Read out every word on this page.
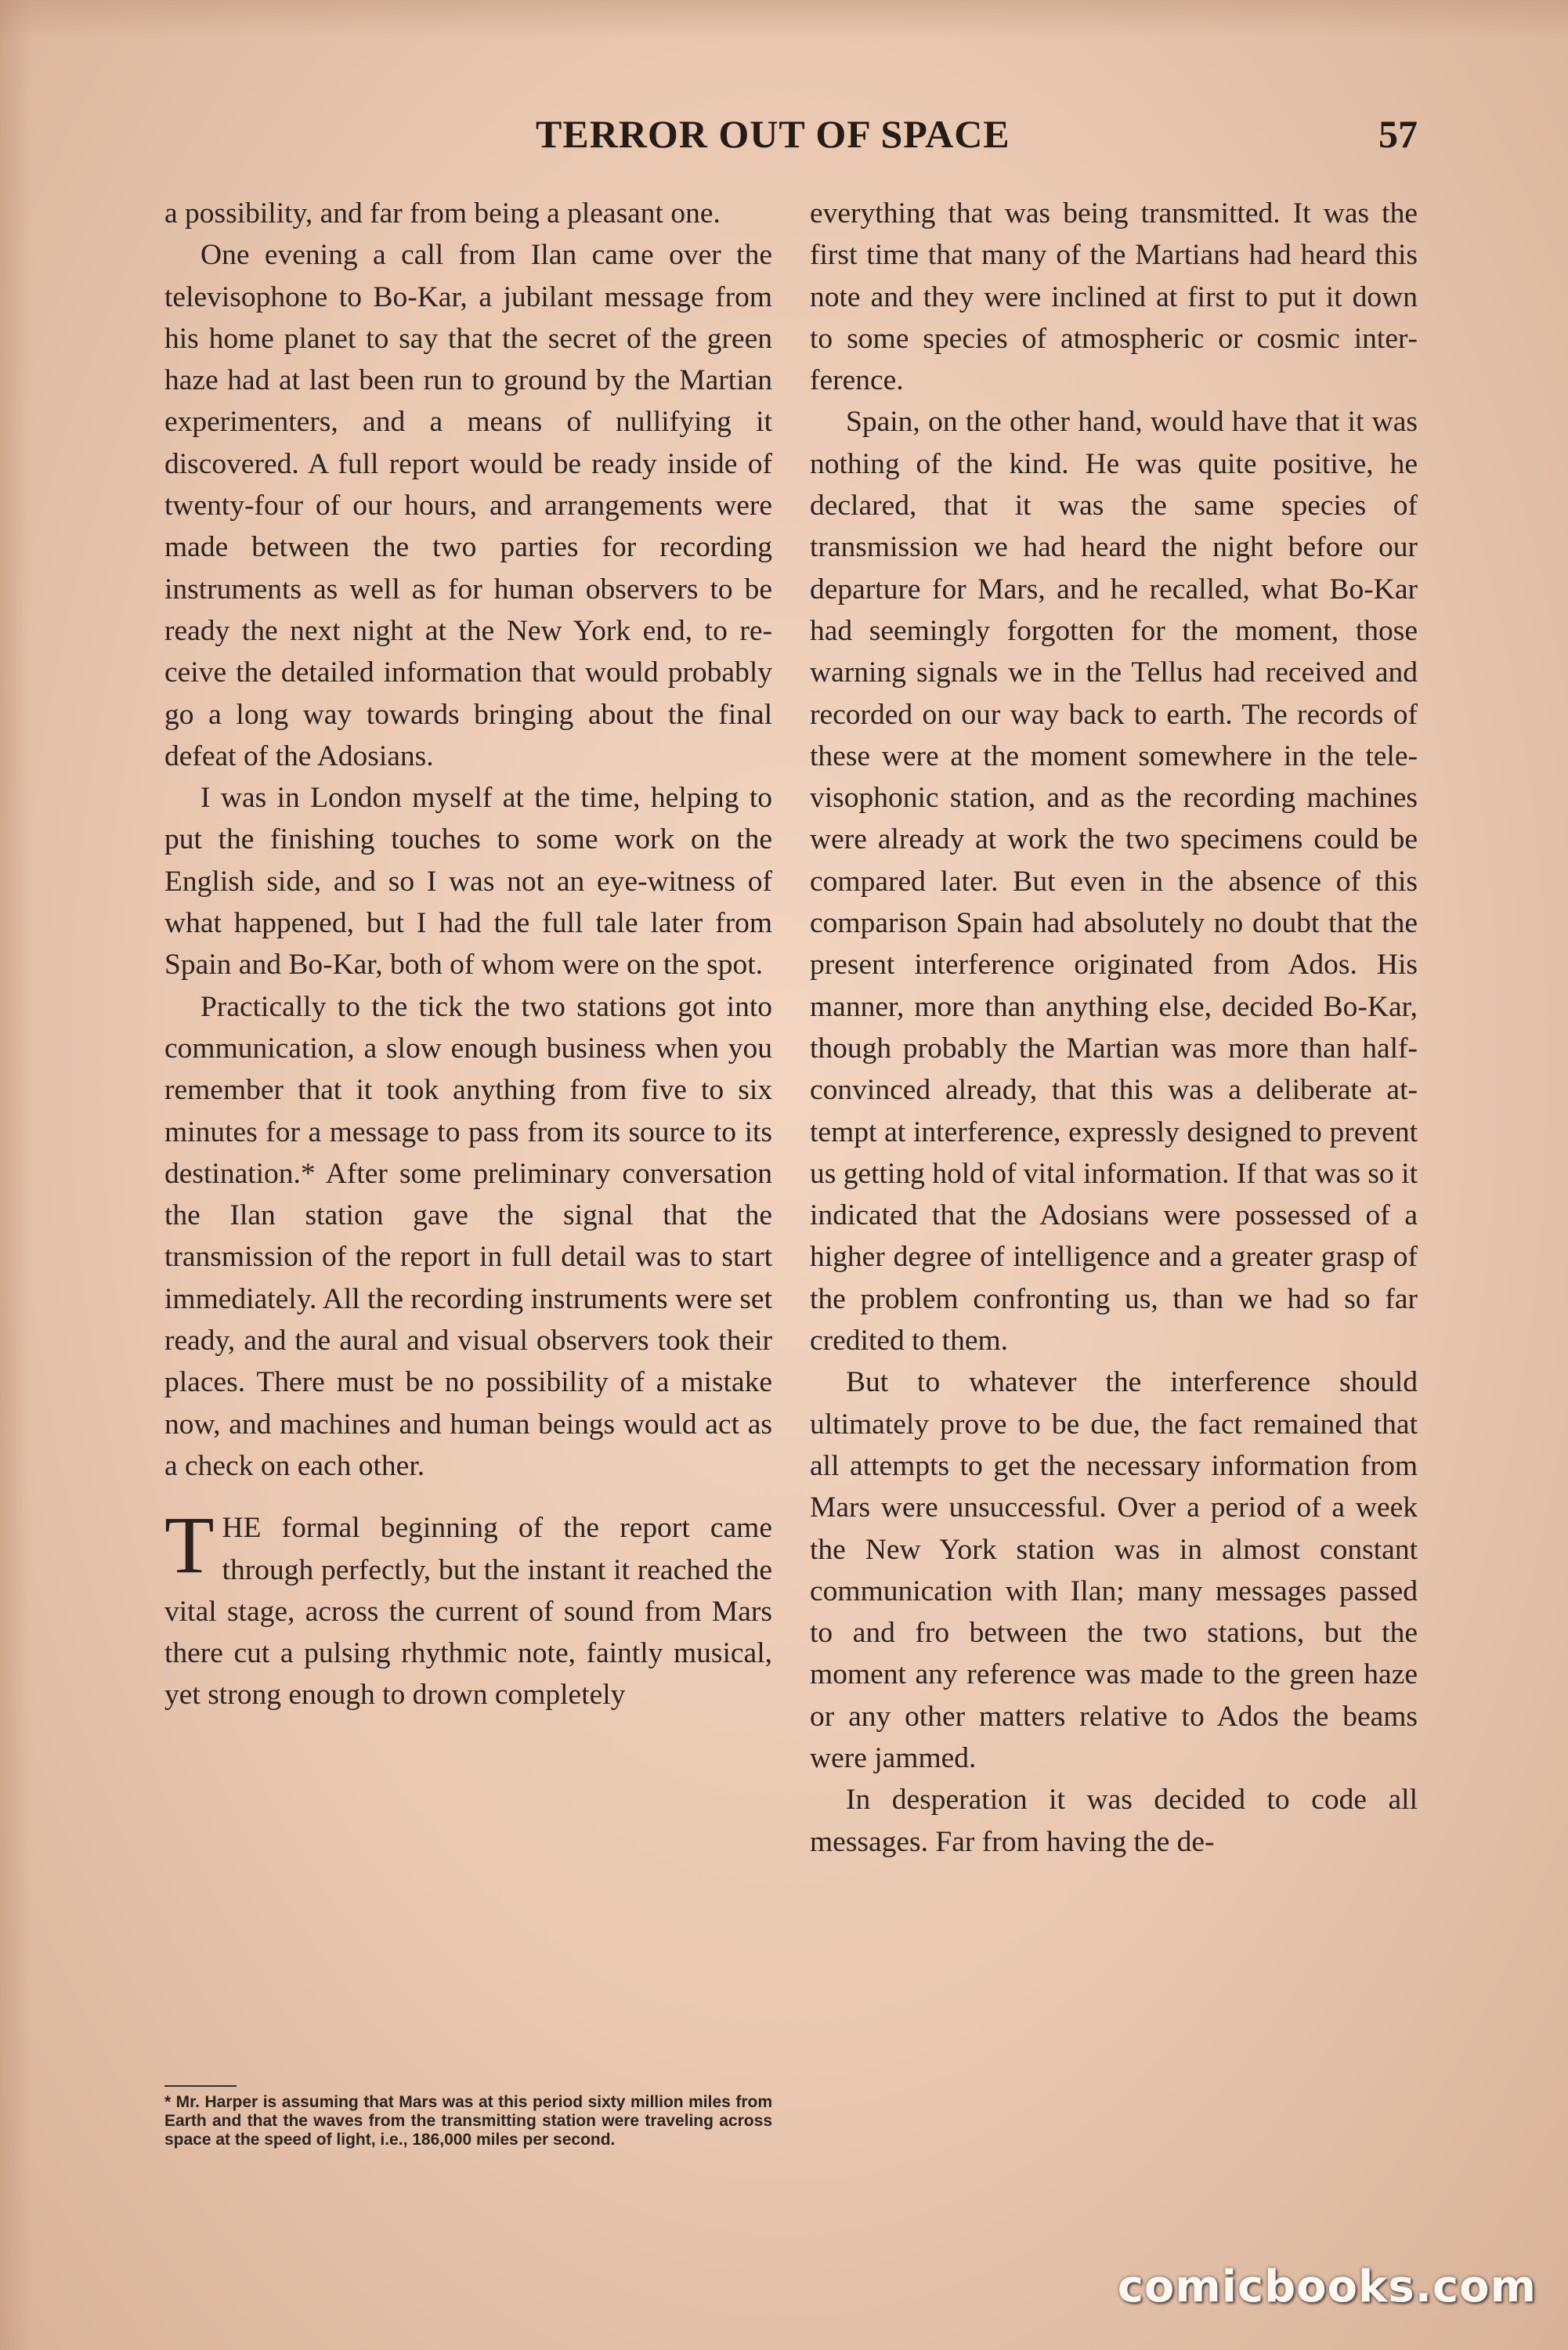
TERROR OUT OF SPACE	57

a possibility, and far from being a pleasant one.

One evening a call from Ilan came over the televisophone to Bo-Kar, a jubilant message from his home planet to say that the secret of the green haze had at last been run to ground by the Martian experimenters, and a means of nullifying it discovered. A full report would be ready inside of twenty-four of our hours, and arrangements were made between the two parties for recording instruments as well as for human observers to be ready the next night at the New York end, to receive the detailed information that would probably go a long way towards bringing about the final defeat of the Adosians.

I was in London myself at the time, helping to put the finishing touches to some work on the English side, and so I was not an eye-witness of what happened, but I had the full tale later from Spain and Bo-Kar, both of whom were on the spot.

Practically to the tick the two stations got into communication, a slow enough business when you remember that it took anything from five to six minutes for a message to pass from its source to its destination.* After some preliminary conversation the Ilan station gave the signal that the transmission of the report in full detail was to start immediately. All the recording instruments were set ready, and the aural and visual observers took their places. There must be no possibility of a mistake now, and machines and human beings would act as a check on each other.

THE formal beginning of the report came through perfectly, but the instant it reached the vital stage, across the current of sound from Mars there cut a pulsing rhythmic note, faintly musical, yet strong enough to drown completely

* Mr. Harper is assuming that Mars was at this period sixty million miles from Earth and that the waves from the transmitting station were traveling across space at the speed of light, i.e., 186,000 miles per second.

everything that was being transmitted. It was the first time that many of the Martians had heard this note and they were inclined at first to put it down to some species of atmospheric or cosmic interference.

Spain, on the other hand, would have that it was nothing of the kind. He was quite positive, he declared, that it was the same species of transmission we had heard the night before our departure for Mars, and he recalled, what Bo-Kar had seemingly forgotten for the moment, those warning signals we in the Tellus had received and recorded on our way back to earth. The records of these were at the moment somewhere in the televisophonic station, and as the recording machines were already at work the two specimens could be compared later. But even in the absence of this comparison Spain had absolutely no doubt that the present interference originated from Ados. His manner, more than anything else, decided Bo-Kar, though probably the Martian was more than half-convinced already, that this was a deliberate attempt at interference, expressly designed to prevent us getting hold of vital information. If that was so it indicated that the Adosians were possessed of a higher degree of intelligence and a greater grasp of the problem confronting us, than we had so far credited to them.

But to whatever the interference should ultimately prove to be due, the fact remained that all attempts to get the necessary information from Mars were unsuccessful. Over a period of a week the New York station was in almost constant communication with Ilan; many messages passed to and fro between the two stations, but the moment any reference was made to the green haze or any other matters relative to Ados the beams were jammed.

In desperation it was decided to code all messages. Far from having the de-

comicbooks.com
